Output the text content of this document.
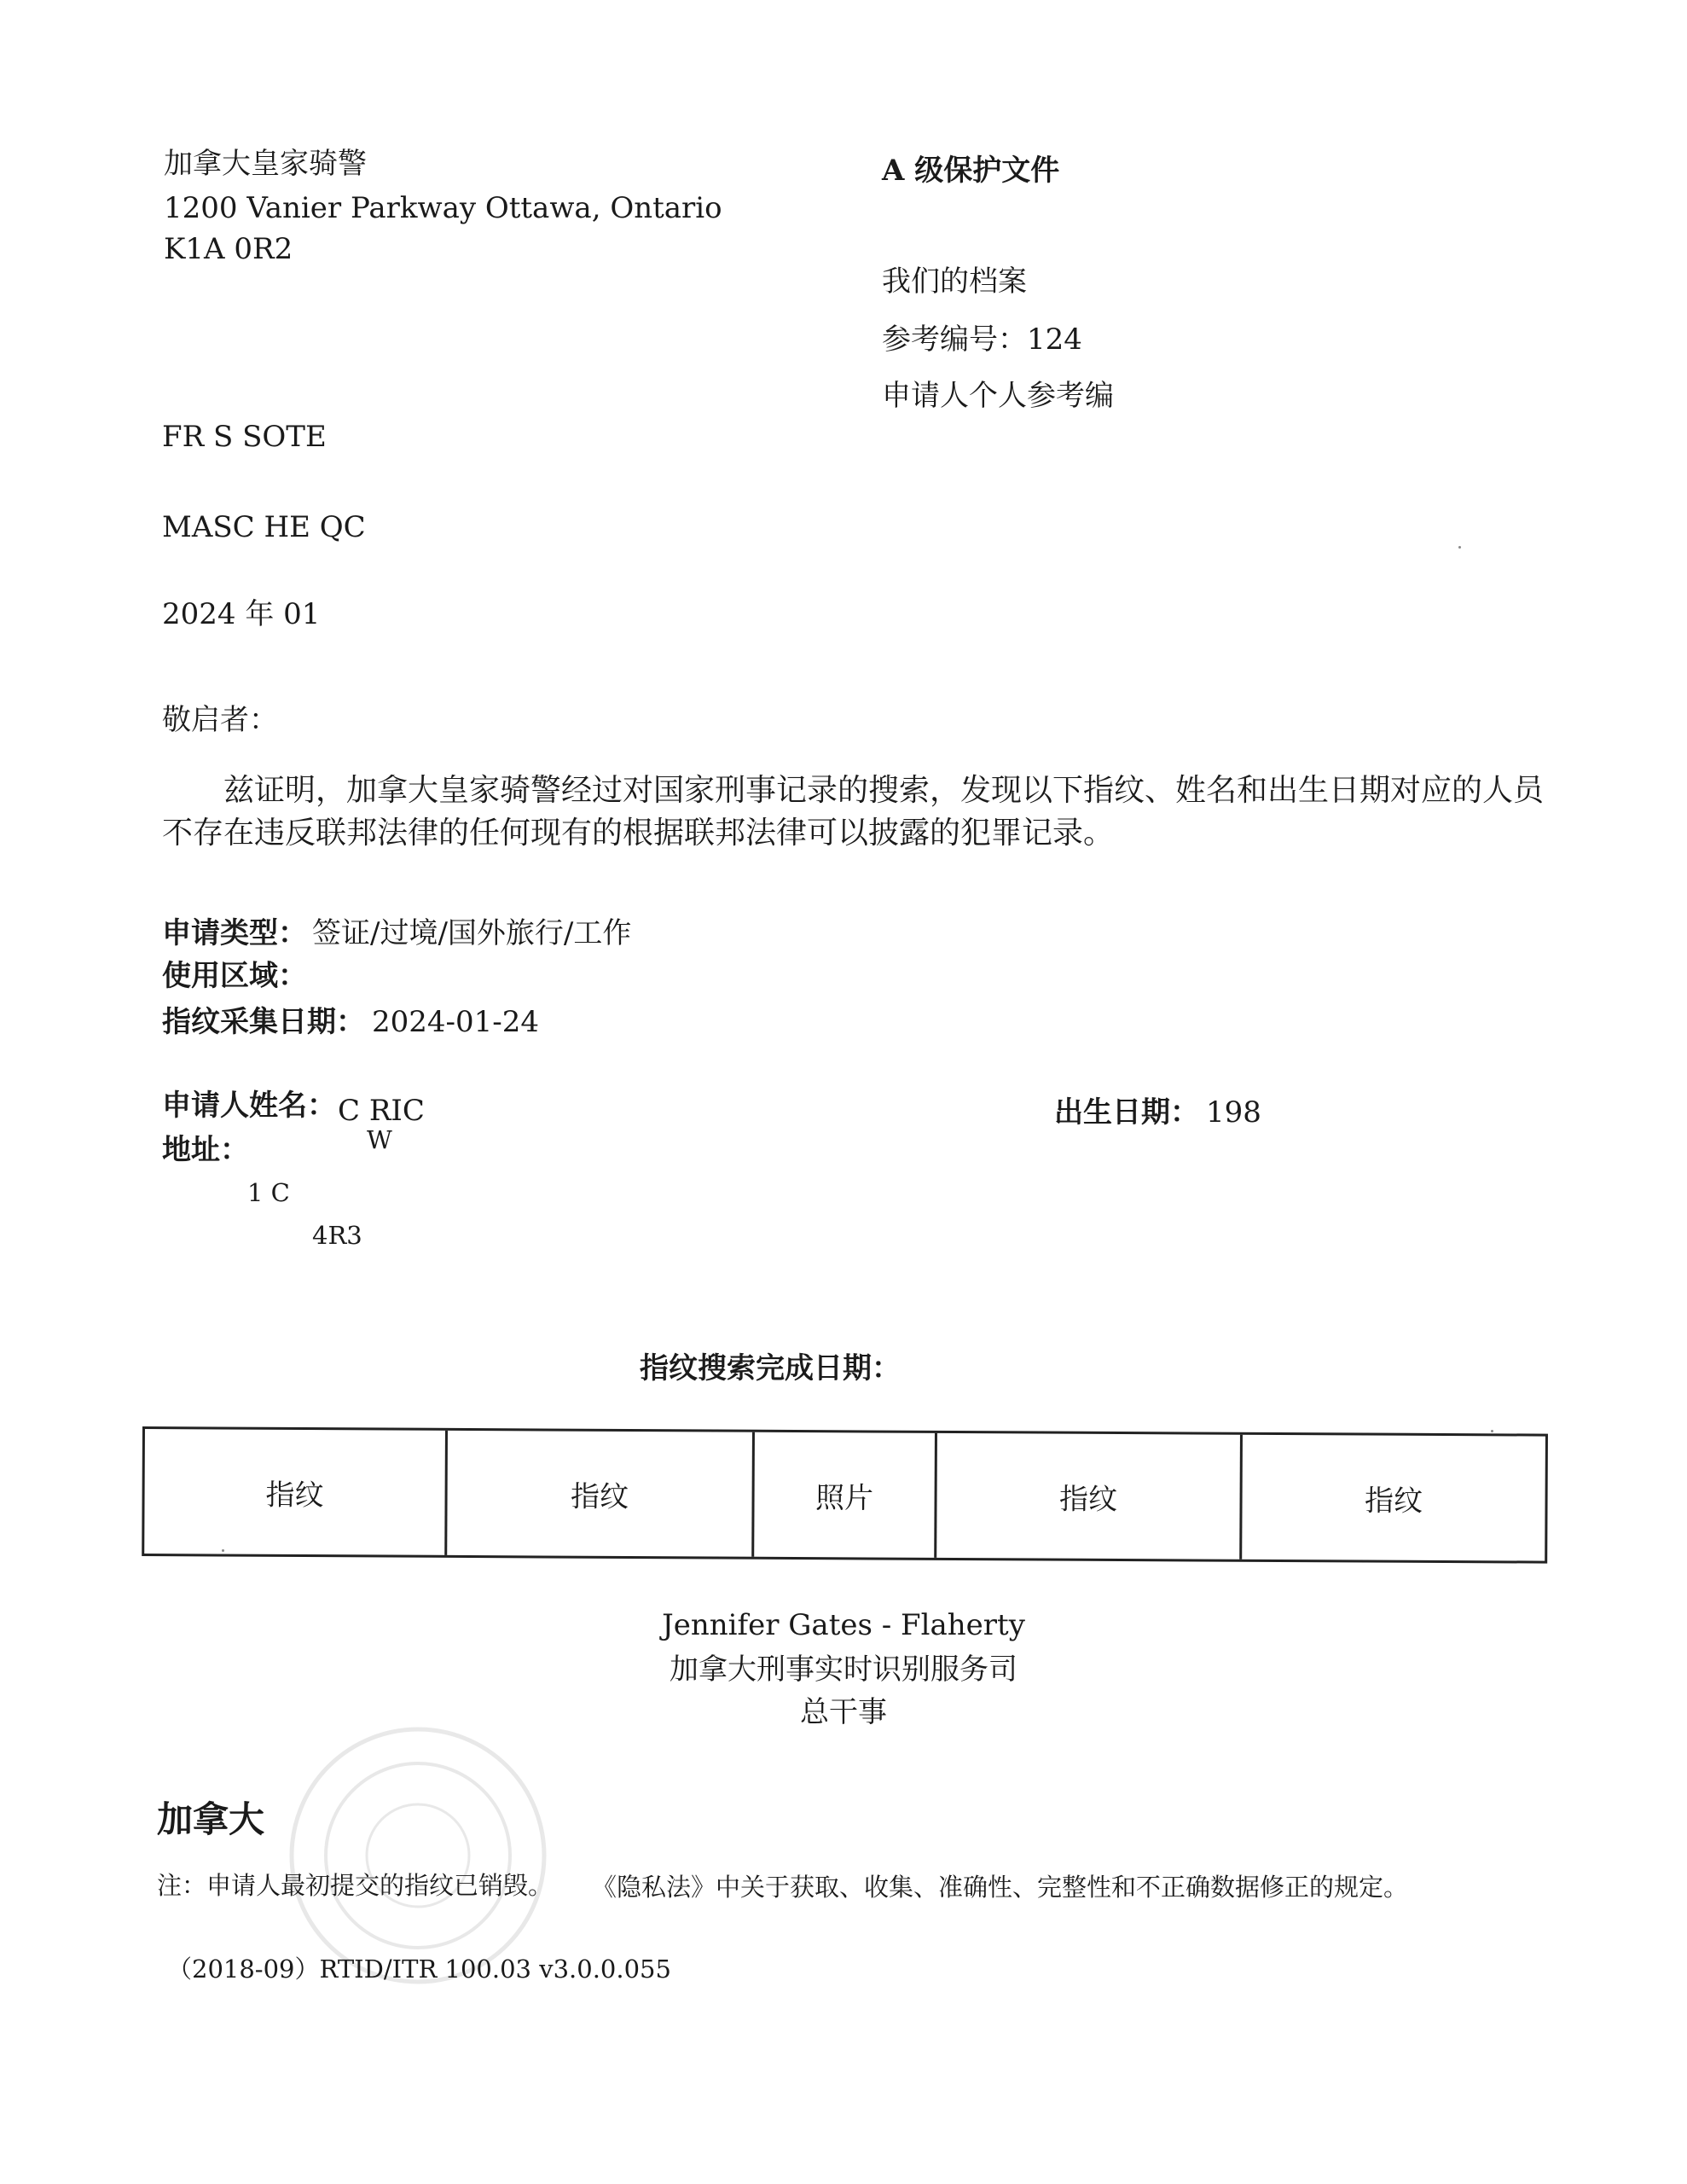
加拿大皇家骑警
1200 Vanier Parkway Ottawa, Ontario
K1A 0R2
A 级保护文件
我们的档案
参考编号：124
申请人个人参考编
FR S SOTE
MASC HE QC
2024 年 01
敬启者：
兹证明，加拿大皇家骑警经过对国家刑事记录的搜索，发现以下指纹、姓名和出生日期对应的人员不存在违反联邦法律的任何现有的根据联邦法律可以披露的犯罪记录。
申请类型： 签证/过境/国外旅行/工作
使用区域：
指纹采集日期： 2024-01-24
申请人姓名： C RIC	出生日期： 198
地址：	W
1 C
4R3
指纹搜索完成日期：
指纹	指纹	照片	指纹	指纹
Jennifer Gates - Flaherty
加拿大刑事实时识别服务司
总干事
加拿大
注：申请人最初提交的指纹已销毁。 《隐私法》中关于获取、收集、准确性、完整性和不正确数据修正的规定。
（2018-09）RTID/ITR 100.03 v3.0.0.055
